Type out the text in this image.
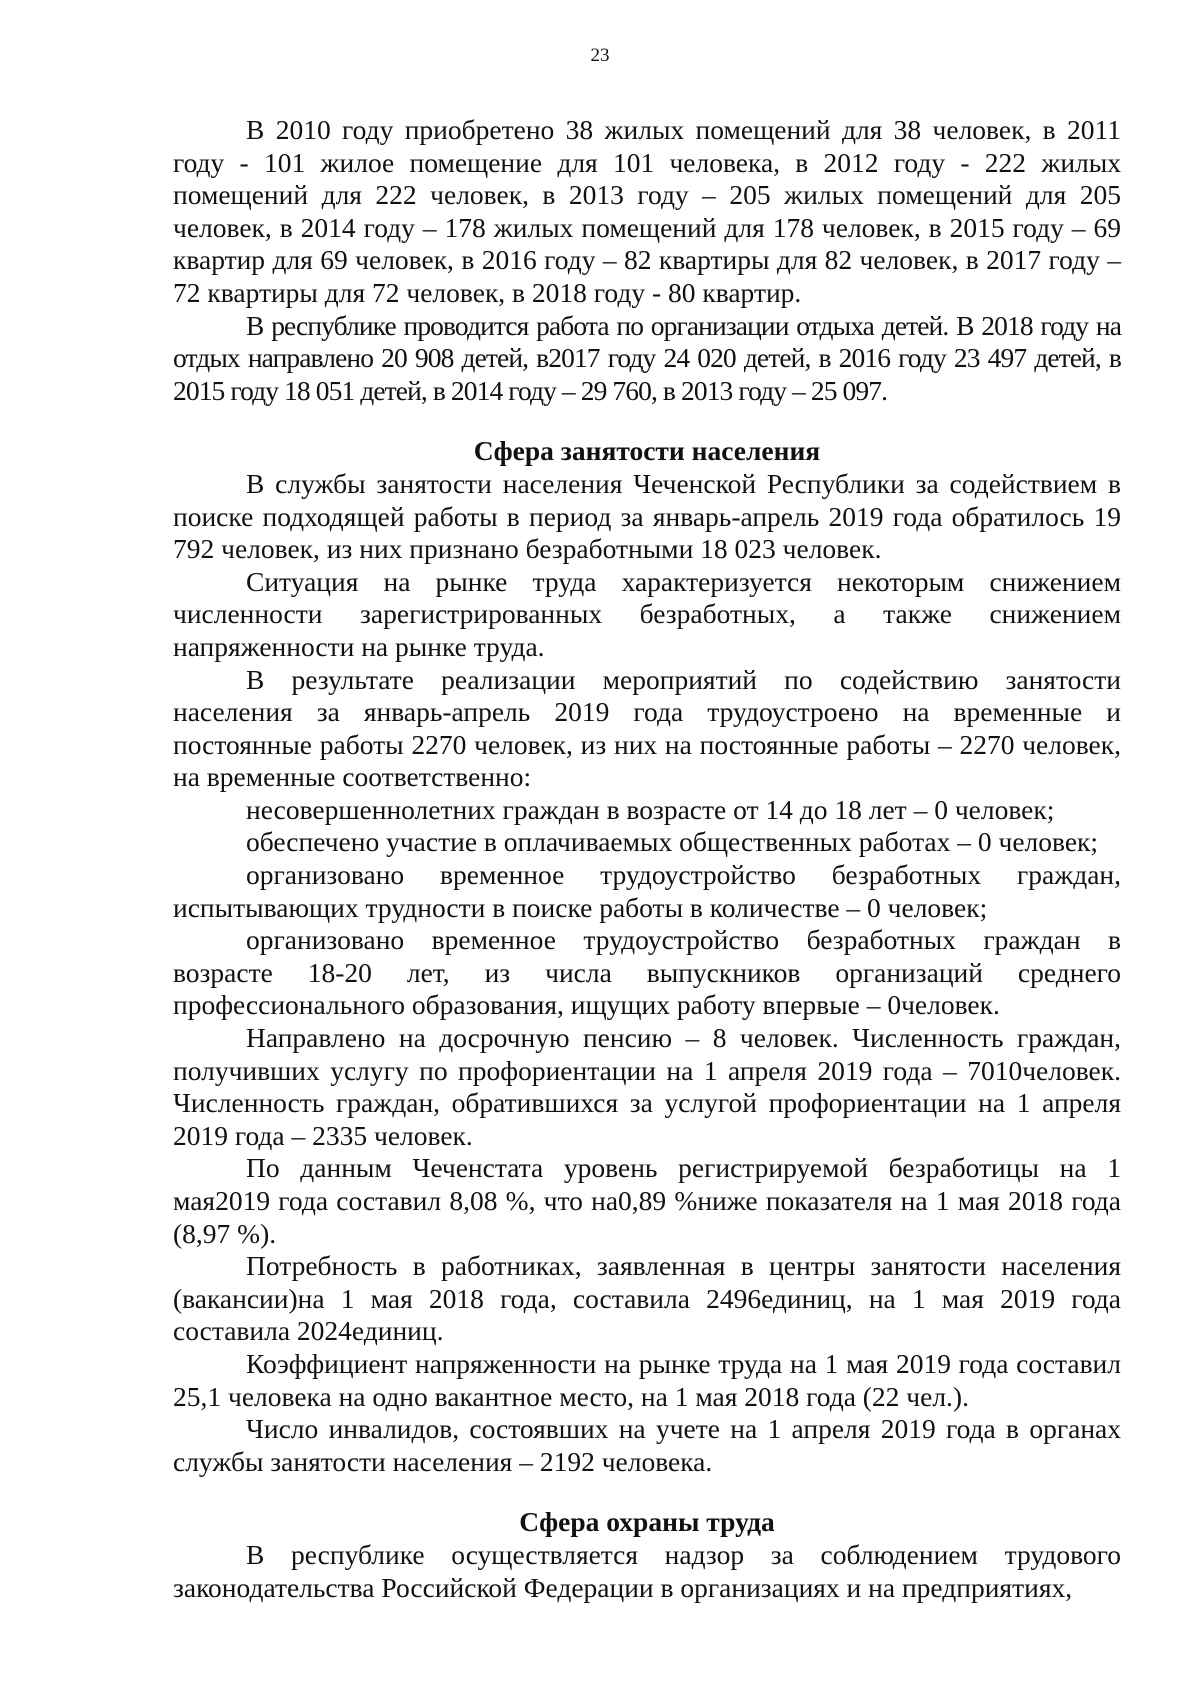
23

В 2010 году приобретено 38 жилых помещений для 38 человек, в 2011 году - 101 жилое помещение для 101 человека, в 2012 году - 222 жилых помещений для 222 человек, в 2013 году – 205 жилых помещений для 205 человек, в 2014 году – 178 жилых помещений для 178 человек, в 2015 году – 69 квартир для 69 человек, в 2016 году – 82 квартиры для 82 человек, в 2017 году – 72 квартиры для 72 человек, в 2018 году - 80 квартир.

В республике проводится работа по организации отдыха детей. В 2018 году на отдых направлено 20 908 детей, в2017 году 24 020 детей, в 2016 году 23 497 детей, в 2015 году 18 051 детей, в 2014 году – 29 760, в 2013 году – 25 097.

Сфера занятости населения

В службы занятости населения Чеченской Республики за содействием в поиске подходящей работы в период за январь-апрель 2019 года обратилось 19 792 человек, из них признано безработными 18 023 человек.

Ситуация на рынке труда характеризуется некоторым снижением численности зарегистрированных безработных, а также снижением напряженности на рынке труда.

В результате реализации мероприятий по содействию занятости населения за январь-апрель 2019 года трудоустроено на временные и постоянные работы 2270 человек, из них на постоянные работы – 2270 человек, на временные соответственно:

несовершеннолетних граждан в возрасте от 14 до 18 лет – 0 человек;

обеспечено участие в оплачиваемых общественных работах – 0 человек;

организовано временное трудоустройство безработных граждан, испытывающих трудности в поиске работы в количестве – 0 человек;

организовано временное трудоустройство безработных граждан в возрасте 18-20 лет, из числа выпускников организаций среднего профессионального образования, ищущих работу впервые – 0человек.

Направлено на досрочную пенсию – 8 человек. Численность граждан, получивших услугу по профориентации на 1 апреля 2019 года – 7010человек. Численность граждан, обратившихся за услугой профориентации на 1 апреля 2019 года – 2335 человек.

По данным Чеченстата уровень регистрируемой безработицы на 1 мая2019 года составил 8,08 %, что на0,89 %ниже показателя на 1 мая 2018 года (8,97 %).

Потребность в работниках, заявленная в центры занятости населения (вакансии)на 1 мая 2018 года, составила 2496единиц, на 1 мая 2019 года составила 2024единиц.

Коэффициент напряженности на рынке труда на 1 мая 2019 года составил 25,1 человека на одно вакантное место, на 1 мая 2018 года (22 чел.).

Число инвалидов, состоявших на учете на 1 апреля 2019 года в органах службы занятости населения – 2192 человека.

Сфера охраны труда

В республике осуществляется надзор за соблюдением трудового законодательства Российской Федерации в организациях и на предприятиях,
